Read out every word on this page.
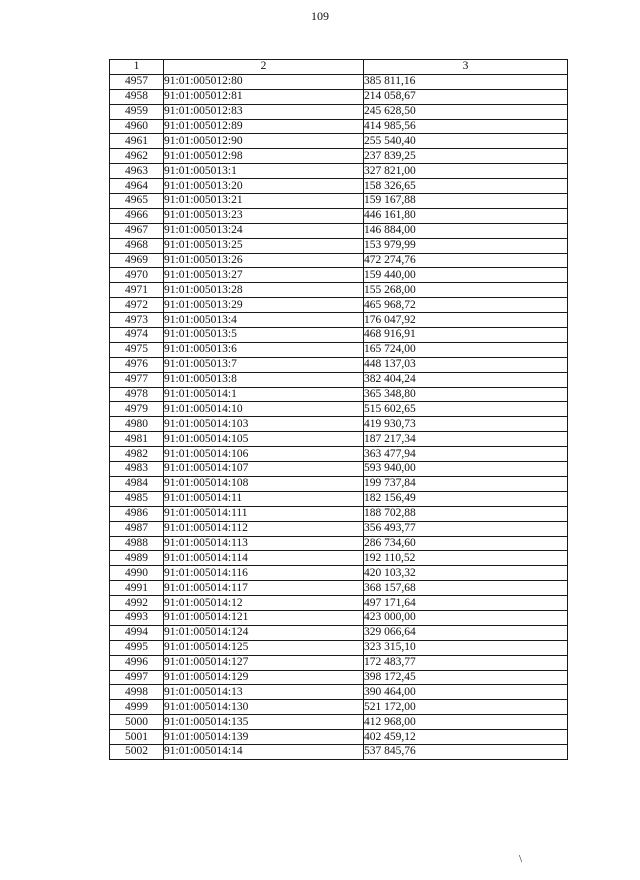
109
1	2	3
4957	91:01:005012:80	385 811,16
4958	91:01:005012:81	214 058,67
4959	91:01:005012:83	245 628,50
4960	91:01:005012:89	414 985,56
4961	91:01:005012:90	255 540,40
4962	91:01:005012:98	237 839,25
4963	91:01:005013:1	327 821,00
4964	91:01:005013:20	158 326,65
4965	91:01:005013:21	159 167,88
4966	91:01:005013:23	446 161,80
4967	91:01:005013:24	146 884,00
4968	91:01:005013:25	153 979,99
4969	91:01:005013:26	472 274,76
4970	91:01:005013:27	159 440,00
4971	91:01:005013:28	155 268,00
4972	91:01:005013:29	465 968,72
4973	91:01:005013:4	176 047,92
4974	91:01:005013:5	468 916,91
4975	91:01:005013:6	165 724,00
4976	91:01:005013:7	448 137,03
4977	91:01:005013:8	382 404,24
4978	91:01:005014:1	365 348,80
4979	91:01:005014:10	515 602,65
4980	91:01:005014:103	419 930,73
4981	91:01:005014:105	187 217,34
4982	91:01:005014:106	363 477,94
4983	91:01:005014:107	593 940,00
4984	91:01:005014:108	199 737,84
4985	91:01:005014:11	182 156,49
4986	91:01:005014:111	188 702,88
4987	91:01:005014:112	356 493,77
4988	91:01:005014:113	286 734,60
4989	91:01:005014:114	192 110,52
4990	91:01:005014:116	420 103,32
4991	91:01:005014:117	368 157,68
4992	91:01:005014:12	497 171,64
4993	91:01:005014:121	423 000,00
4994	91:01:005014:124	329 066,64
4995	91:01:005014:125	323 315,10
4996	91:01:005014:127	172 483,77
4997	91:01:005014:129	398 172,45
4998	91:01:005014:13	390 464,00
4999	91:01:005014:130	521 172,00
5000	91:01:005014:135	412 968,00
5001	91:01:005014:139	402 459,12
5002	91:01:005014:14	537 845,76
\
